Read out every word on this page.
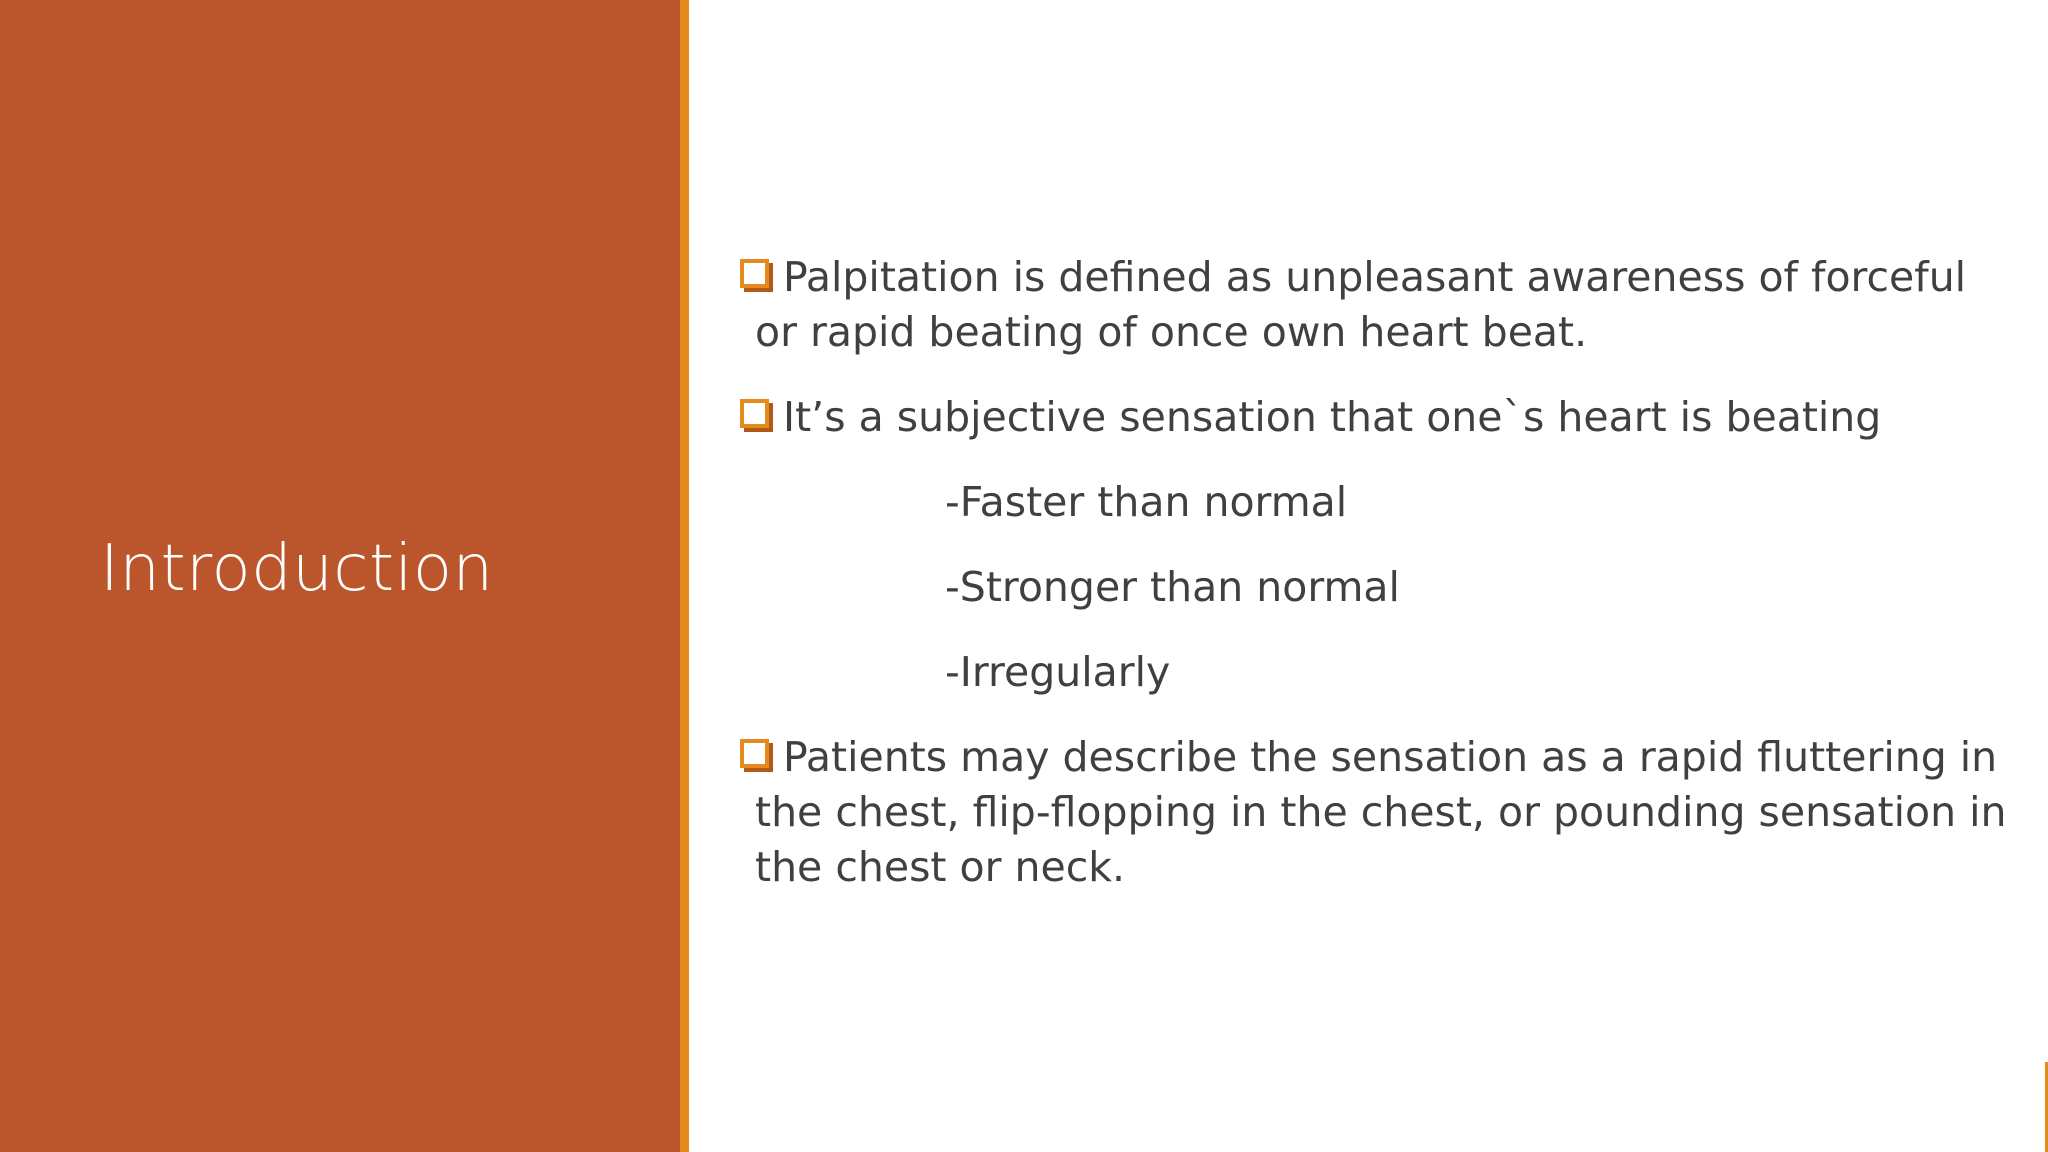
Introduction
Palpitation is defined as unpleasant awareness of forceful or rapid beating of once own heart beat.
It’s a subjective sensation that one`s heart is beating
-Faster than normal
-Stronger than normal
-Irregularly
Patients may describe the sensation as a rapid fluttering in the chest, flip-flopping in the chest, or pounding sensation in the chest or neck.
